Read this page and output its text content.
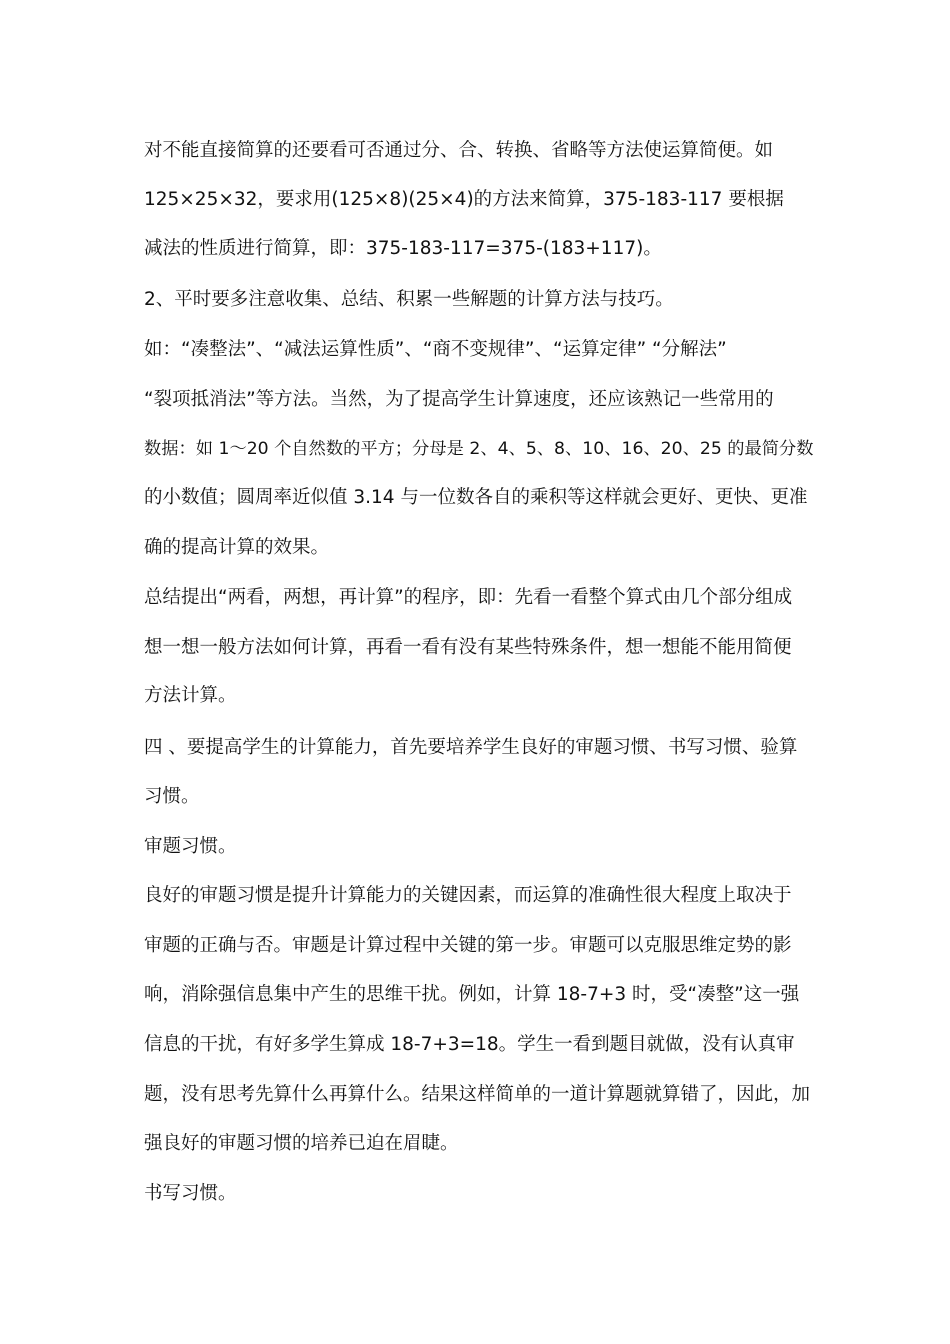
对不能直接简算的还要看可否通过分、合、转换、省略等方法使运算简便。如
125×25×32，要求用(125×8)(25×4)的方法来简算，375-183-117 要根据
减法的性质进行简算，即：375-183-117=375-(183+117)。
2、平时要多注意收集、总结、积累一些解题的计算方法与技巧。
如：“凑整法”、“减法运算性质”、“商不变规律”、“运算定律” “分解法”
“裂项抵消法”等方法。当然，为了提高学生计算速度，还应该熟记一些常用的
数据：如 1～20 个自然数的平方；分母是 2、4、5、8、10、16、20、25 的最简分数
的小数值；圆周率近似值 3.14 与一位数各自的乘积等这样就会更好、更快、更准
确的提高计算的效果。
总结提出“两看，两想，再计算”的程序，即：先看一看整个算式由几个部分组成
想一想一般方法如何计算，再看一看有没有某些特殊条件，想一想能不能用简便
方法计算。
四 、要提高学生的计算能力，首先要培养学生良好的审题习惯、书写习惯、验算
习惯。
审题习惯。
良好的审题习惯是提升计算能力的关键因素，而运算的准确性很大程度上取决于
审题的正确与否。审题是计算过程中关键的第一步。审题可以克服思维定势的影
响，消除强信息集中产生的思维干扰。例如，计算 18-7+3 时，受“凑整”这一强
信息的干扰，有好多学生算成 18-7+3=18。学生一看到题目就做，没有认真审
题，没有思考先算什么再算什么。结果这样简单的一道计算题就算错了，因此，加
强良好的审题习惯的培养已迫在眉睫。
书写习惯。
